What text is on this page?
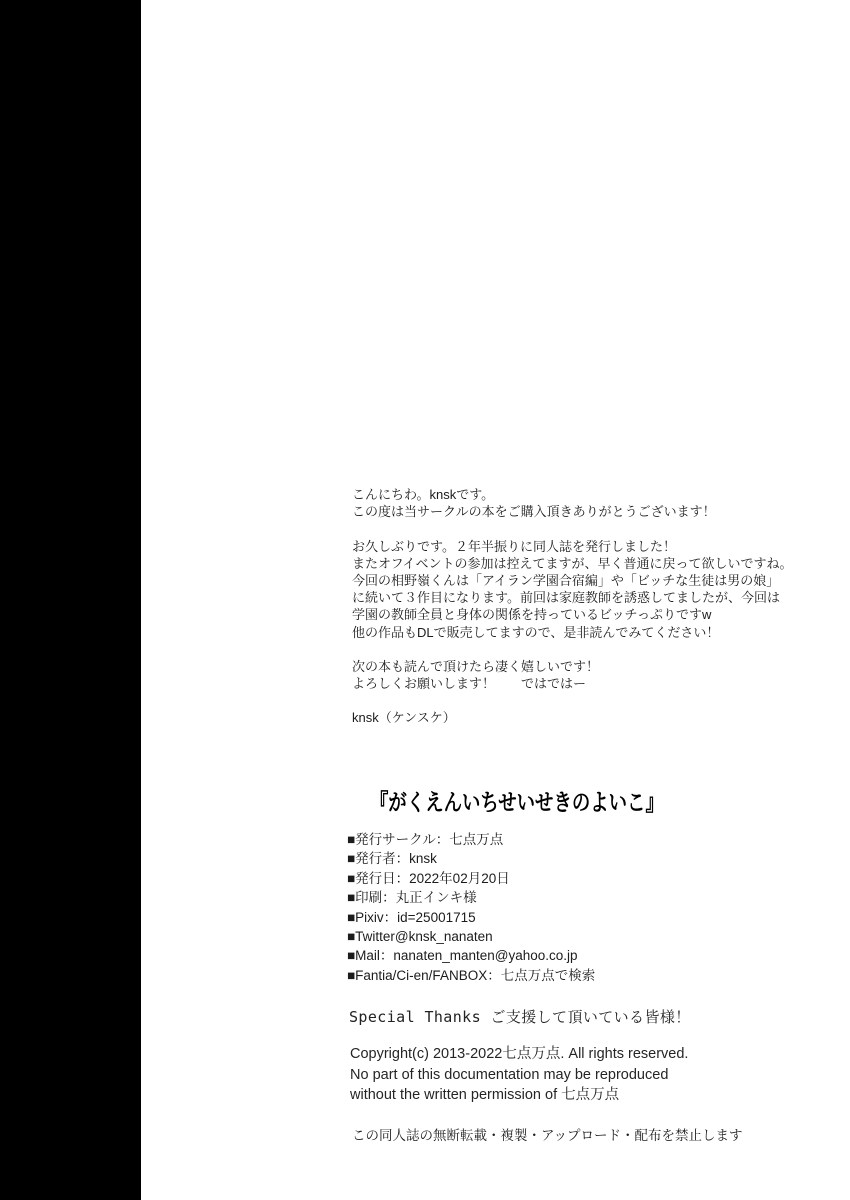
こんにちわ。knskです。
この度は当サークルの本をご購入頂きありがとうございます！
お久しぶりです。２年半振りに同人誌を発行しました！
またオフイベントの参加は控えてますが、早く普通に戻って欲しいですね。
今回の相野嶺くんは「アイラン学園合宿編」や「ビッチな生徒は男の娘」
に続いて３作目になります。前回は家庭教師を誘惑してましたが、今回は
学園の教師全員と身体の関係を持っているビッチっぷりですw
他の作品もDLで販売してますので、是非読んでみてください！
次の本も読んで頂けたら凄く嬉しいです！
よろしくお願いします！　　ではではー
knsk（ケンスケ）

『がくえんいちせいせきのよいこ』

■発行サークル：七点万点
■発行者：knsk
■発行日：2022年02月20日
■印刷：丸正インキ様
■Pixiv：id=25001715
■Twitter@knsk_nanaten
■Mail：nanaten_manten@yahoo.co.jp
■Fantia/Ci-en/FANBOX：七点万点で検索
Special Thanks ご支援して頂いている皆様！
Copyright(c) 2013-2022七点万点. All rights reserved.
No part of this documentation may be reproduced
without the written permission of 七点万点
この同人誌の無断転載・複製・アップロード・配布を禁止します
